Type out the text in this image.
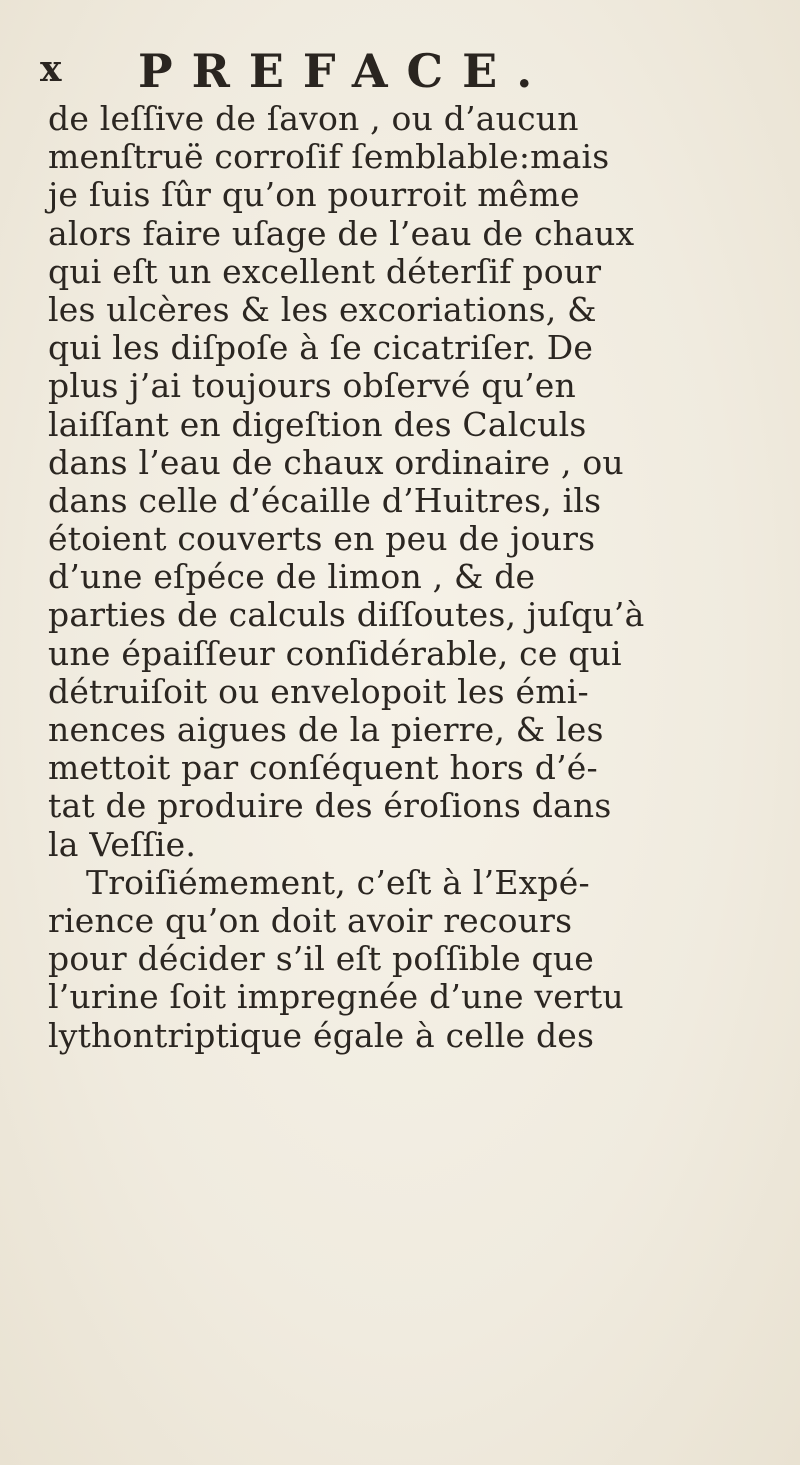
x PREFACE.
de leſſive de ſavon , ou d’aucun
menſtruë corroſif ſemblable:mais
je ſuis ſûr qu’on pourroit même
alors faire uſage de l’eau de chaux
qui eſt un excellent déterſif pour
les ulcères & les excoriations, &
qui les diſpoſe à ſe cicatriſer. De
plus j’ai toujours obſervé qu’en
laiſſant en digeſtion des Calculs
dans l’eau de chaux ordinaire , ou
dans celle d’écaille d’Huitres, ils
étoient couverts en peu de jours
d’une eſpéce de limon , & de
parties de calculs diſſoutes, juſqu’à
une épaiſſeur conſidérable, ce qui
détruiſoit ou envelopoit les émi-
nences aigues de la pierre, & les
mettoit par conſéquent hors d’é-
tat de produire des éroſions dans
la Veſſie.
Troiſiémement, c’eſt à l’Expé-
rience qu’on doit avoir recours
pour décider s’il eſt poſſible que
l’urine ſoit impregnée d’une vertu
lythontriptique égale à celle des
